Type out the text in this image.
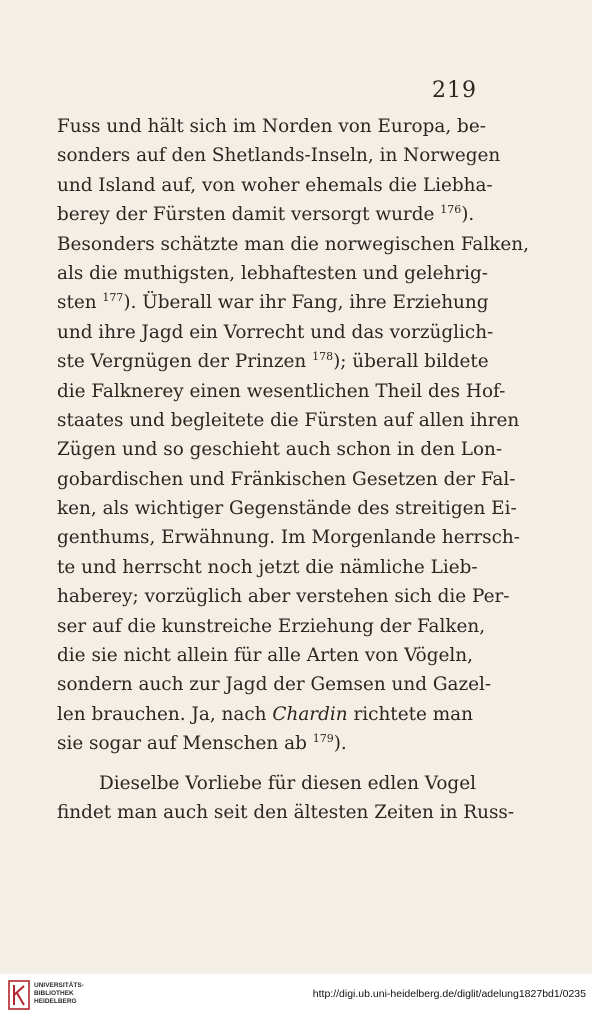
219
Fuss und hält sich im Norden von Europa, be-
sonders auf den Shetlands-Inseln, in Norwegen
und Island auf, von woher ehemals die Liebha-
berey der Fürsten damit versorgt wurde $^{176}$).
Besonders schätzte man die norwegischen Falken,
als die muthigsten, lebhaftesten und gelehrig-
sten $^{177}$). Überall war ihr Fang, ihre Erziehung
und ihre Jagd ein Vorrecht und das vorzüglich-
ste Vergnügen der Prinzen $^{178}$); überall bildete
die Falknerey einen wesentlichen Theil des Hof-
staates und begleitete die Fürsten auf allen ihren
Zügen und so geschieht auch schon in den Lon-
gobardischen und Fränkischen Gesetzen der Fal-
ken, als wichtiger Gegenstände des streitigen Ei-
genthums, Erwähnung. Im Morgenlande herrsch-
te und herrscht noch jetzt die nämliche Lieb-
haberey; vorzüglich aber verstehen sich die Per-
ser auf die kunstreiche Erziehung der Falken,
die sie nicht allein für alle Arten von Vögeln,
sondern auch zur Jagd der Gemsen und Gazel-
len brauchen. Ja, nach Chardin richtete man
sie sogar auf Menschen ab $^{179}$).
Dieselbe Vorliebe für diesen edlen Vogel
findet man auch seit den ältesten Zeiten in Russ-
UNIVERSITÄTS-
BIBLIOTHEK
HEIDELBERG
http://digi.ub.uni-heidelberg.de/diglit/adelung1827bd1/0235
